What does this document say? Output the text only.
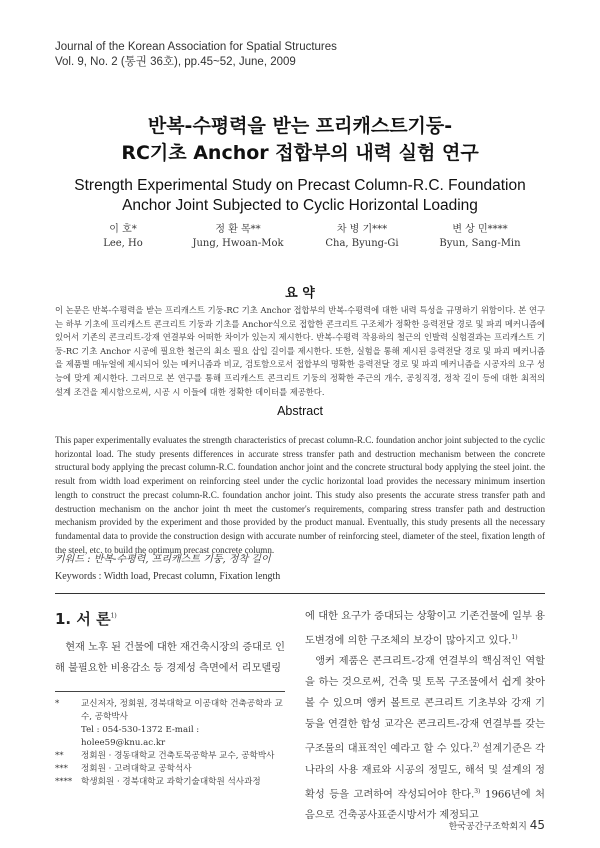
Journal of the Korean Association for Spatial Structures
Vol. 9, No. 2 (통권 36호), pp.45~52, June, 2009
반복-수평력을 받는 프리캐스트기둥-
RC기초 Anchor 접합부의 내력 실험 연구
Strength Experimental Study on Precast Column-R.C. Foundation
Anchor Joint Subjected to Cyclic Horizontal Loading
이 호*
Lee, Ho
정 환 목**
Jung, Hwoan-Mok
차 병 기***
Cha, Byung-Gi
변 상 민****
Byun, Sang-Min
요 약
이 논문은 반복-수평력을 받는 프리캐스트 기둥-RC 기초 Anchor 접합부의 반복-수평력에 대한 내력 특성을 규명하기 위함이다. 본 연구는 하부 기초에 프리캐스트 콘크리트 기둥과 기초를 Anchor식으로 접합한 콘크리트 구조체가 정확한 응력전달 경로 및 파괴 메커니즘에 있어서 기존의 콘크리트-강재 연결부와 어떠한 차이가 있는지 제시한다. 반복-수평력 작용하의 철근의 인발력 실험결과는 프리캐스트 기둥-RC 기초 Anchor 시공에 필요한 철근의 최소 필요 삽입 길이를 제시한다. 또한, 실험을 통해 제시된 응력전달 경로 및 파괴 메커니즘을 제품별 매뉴얼에 제시되어 있는 메커니즘과 비교, 검토함으로서 접합부의 명확한 응력전달 경로 및 파괴 메커니즘을 시공자의 요구 성능에 맞게 제시한다. 그러므로 본 연구를 통해 프리캐스트 콘크리트 기둥의 정확한 주근의 개수, 공칭직경, 정착 길이 등에 대한 최적의 설계 조건을 제시함으로써, 시공 시 이들에 대한 정확한 데이터를 제공한다.
Abstract
This paper experimentally evaluates the strength characteristics of precast column-R.C. foundation anchor joint subjected to the cyclic horizontal load. The study presents differences in accurate stress transfer path and destruction mechanism between the concrete structural body applying the precast column-R.C. foundation anchor joint and the concrete structural body applying the steel joint. the result from width load experiment on reinforcing steel under the cyclic horizontal load provides the necessary minimum insertion length to construct the precast column-R.C. foundation anchor joint. This study also presents the accurate stress transfer path and destruction mechanism on the anchor joint th meet the customer's requirements, comparing stress transfer path and destruction mechanism provided by the experiment and those provided by the product manual. Eventually, this study presents all the necessary fundamental data to provide the construction design with accurate number of reinforcing steel, diameter of the steel, fixation length of the steel, etc. to build the optimum precast concrete column.
키워드 : 반복-수평력, 프리캐스트 기둥, 정착 길이
Keywords : Width load, Precast column, Fixation length
1. 서 론$^{1)}$
현재 노후 된 건물에 대한 재건축시장의 증대로 인해 불필요한 비용감소 등 경제성 측면에서 리모델링
*	교신저자, 정회원, 경북대학교 이공대학 건축공학과 교수, 공학박사
Tel : 054-530-1372 E-mail : holee59@knu.ac.kr
**	정회원 · 경동대학교 건축토목공학부 교수, 공학박사
***	정회원 · 고려대학교 공학석사
****	학생회원 · 경북대학교 과학기술대학원 석사과정
에 대한 요구가 증대되는 상황이고 기존건물에 일부 용도변경에 의한 구조체의 보강이 많아지고 있다.$^{1)}$
앵커 제품은 콘크리트-강재 연결부의 핵심적인 역할을 하는 것으로써, 건축 및 토목 구조물에서 쉽게 찾아볼 수 있으며 앵커 볼트로 콘크리트 기초부와 강재 기둥을 연결한 합성 교각은 콘크리트-강재 연결부를 갖는 구조물의 대표적인 예라고 할 수 있다.$^{2)}$ 설계기준은 각 나라의 사용 재료와 시공의 정밀도, 해석 및 설계의 정확성 등을 고려하여 작성되어야 한다.$^{3)}$ 1966년에 처음으로 건축공사표준시방서가 제정되고
한국공간구조학회지 45
